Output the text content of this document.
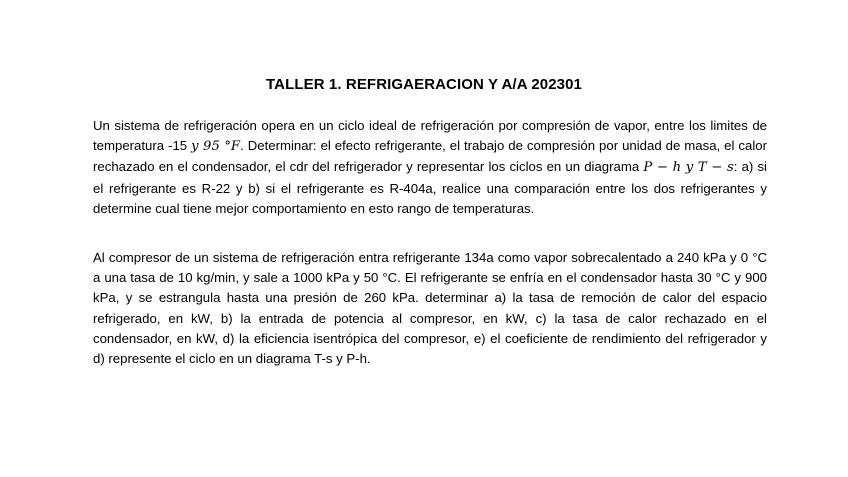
TALLER 1. REFRIGAERACION Y A/A 202301

Un sistema de refrigeración opera en un ciclo ideal de refrigeración por compresión de vapor, entre los limites de temperatura -15 y 95 °F. Determinar: el efecto refrigerante, el trabajo de compresión por unidad de masa, el calor rechazado en el condensador, el cdr del refrigerador y representar los ciclos en un diagrama P − h y T − s: a) si el refrigerante es R-22 y b) si el refrigerante es R-404a, realice una comparación entre los dos refrigerantes y determine cual tiene mejor comportamiento en esto rango de temperaturas.

Al compresor de un sistema de refrigeración entra refrigerante 134a como vapor sobrecalentado a 240 kPa y 0 °C a una tasa de 10 kg/min, y sale a 1000 kPa y 50 °C. El refrigerante se enfría en el condensador hasta 30 °C y 900 kPa, y se estrangula hasta una presión de 260 kPa. determinar a) la tasa de remoción de calor del espacio refrigerado, en kW, b) la entrada de potencia al compresor, en kW, c) la tasa de calor rechazado en el condensador, en kW, d) la eficiencia isentrópica del compresor, e) el coeficiente de rendimiento del refrigerador y d) represente el ciclo en un diagrama T-s y P-h.
